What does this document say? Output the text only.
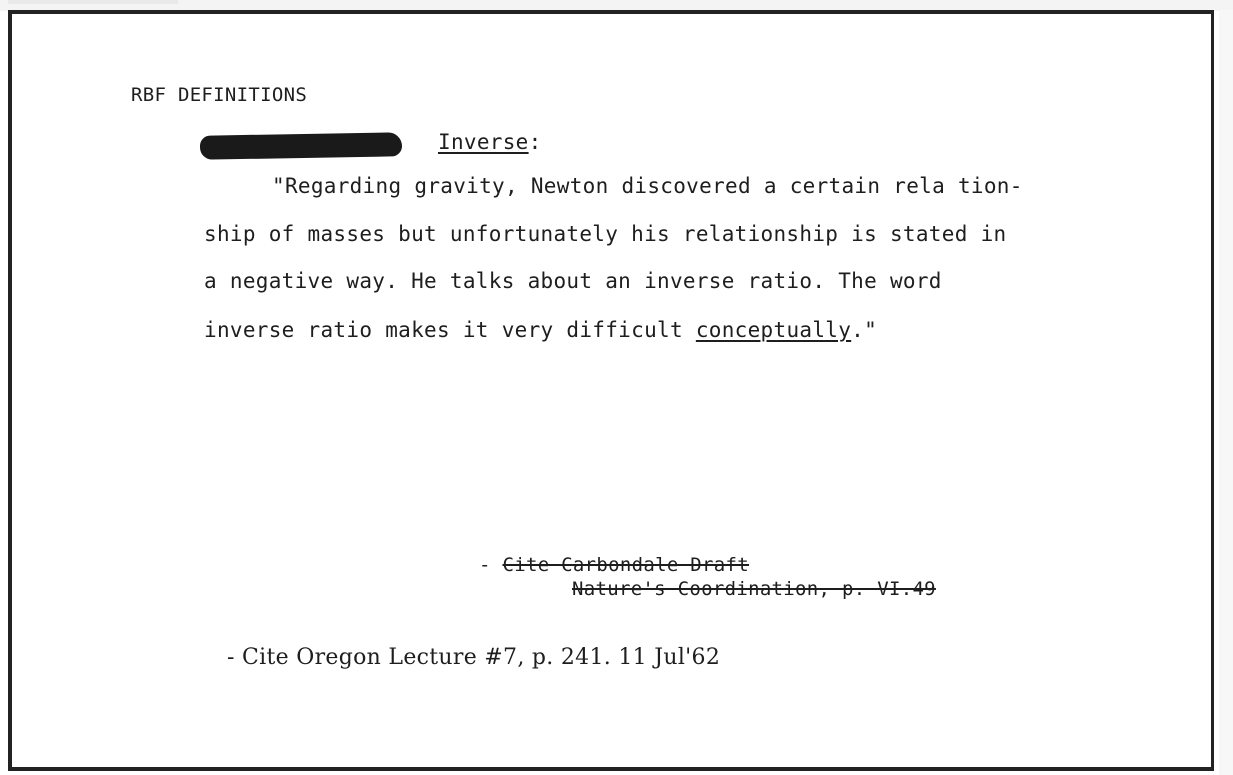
RBF DEFINITIONS
Inverse:
"Regarding gravity, Newton discovered a certain rela tion-
ship of masses but unfortunately his relationship is stated in
a negative way. He talks about an inverse ratio. The word
inverse ratio makes it very difficult conceptually."
- Cite Carbondale Draft
Nature's Coordination, p. VI.49
- Cite Oregon Lecture #7, p. 241. 11 Jul'62
